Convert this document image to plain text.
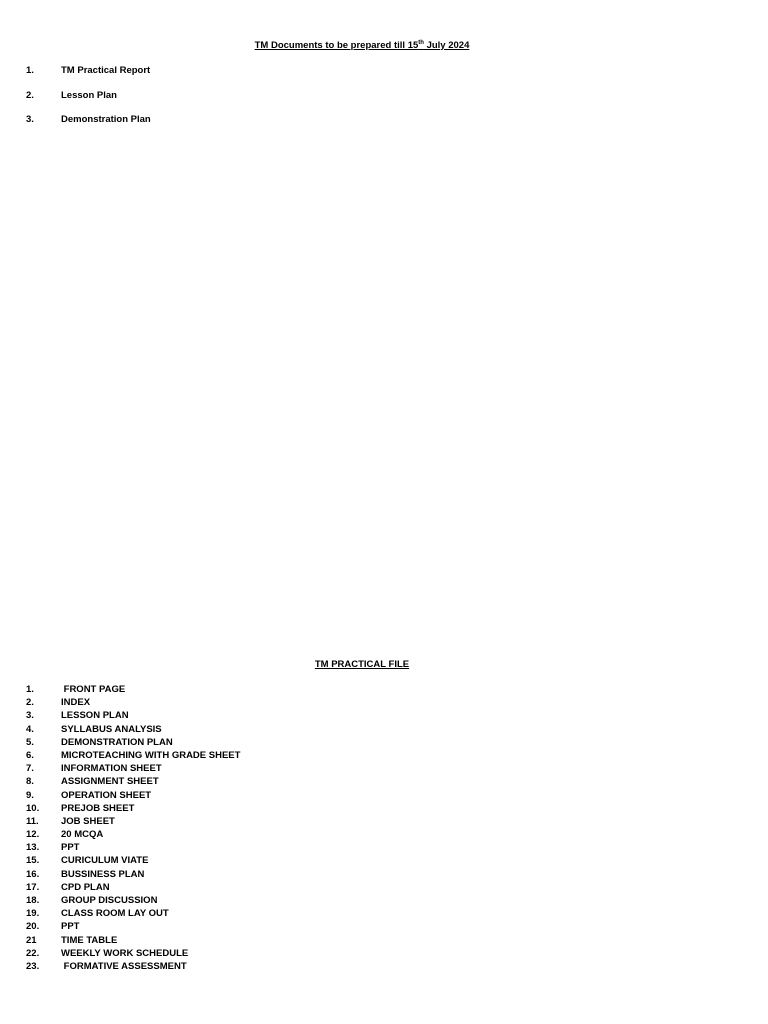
TM Documents to be prepared till 15th July 2024
1.	TM Practical Report
2.	Lesson Plan
3.	Demonstration Plan
TM PRACTICAL FILE
1.	FRONT PAGE
2.	INDEX
3.	LESSON PLAN
4.	SYLLABUS ANALYSIS
5.	DEMONSTRATION PLAN
6.	MICROTEACHING WITH GRADE SHEET
7.	INFORMATION SHEET
8.	ASSIGNMENT SHEET
9.	OPERATION SHEET
10. PREJOB SHEET
11. JOB SHEET
12. 20 MCQA
13. PPT
15. CURICULUM VIATE
16. BUSSINESS PLAN
17. CPD PLAN
18. GROUP DISCUSSION
19. CLASS ROOM LAY OUT
20. PPT
21	TIME TABLE
22. WEEKLY WORK SCHEDULE
23. FORMATIVE ASSESSMENT
